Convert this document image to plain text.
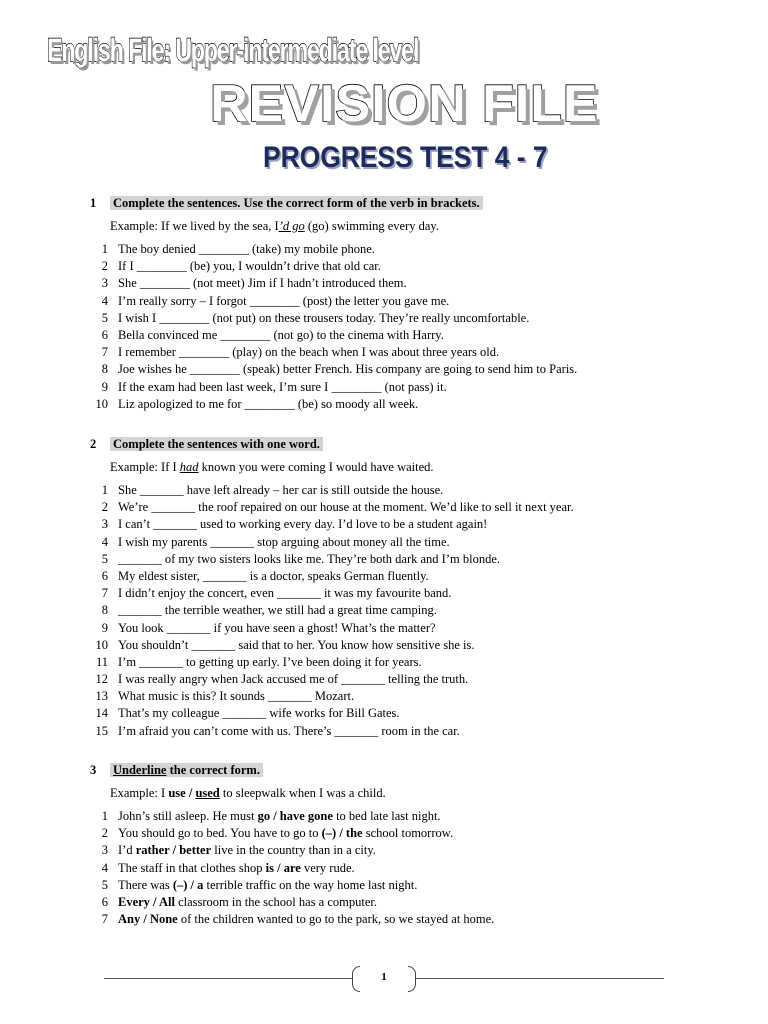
English File: Upper-intermediate level
REVISION FILE
PROGRESS TEST 4 - 7
1 Complete the sentences. Use the correct form of the verb in brackets.
Example: If we lived by the sea, I’d go (go) swimming every day.
1 The boy denied ________ (take) my mobile phone.
2 If I ________ (be) you, I wouldn’t drive that old car.
3 She ________ (not meet) Jim if I hadn’t introduced them.
4 I’m really sorry – I forgot ________ (post) the letter you gave me.
5 I wish I ________ (not put) on these trousers today. They’re really uncomfortable.
6 Bella convinced me ________ (not go) to the cinema with Harry.
7 I remember ________ (play) on the beach when I was about three years old.
8 Joe wishes he ________ (speak) better French. His company are going to send him to Paris.
9 If the exam had been last week, I’m sure I ________ (not pass) it.
10 Liz apologized to me for ________ (be) so moody all week.
2 Complete the sentences with one word.
Example: If I had known you were coming I would have waited.
1 She _______ have left already – her car is still outside the house.
2 We’re _______ the roof repaired on our house at the moment. We’d like to sell it next year.
3 I can’t _______ used to working every day. I’d love to be a student again!
4 I wish my parents _______ stop arguing about money all the time.
5 _______ of my two sisters looks like me. They’re both dark and I’m blonde.
6 My eldest sister, _______ is a doctor, speaks German fluently.
7 I didn’t enjoy the concert, even _______ it was my favourite band.
8 _______ the terrible weather, we still had a great time camping.
9 You look _______ if you have seen a ghost! What’s the matter?
10 You shouldn’t _______ said that to her. You know how sensitive she is.
11 I’m _______ to getting up early. I’ve been doing it for years.
12 I was really angry when Jack accused me of _______ telling the truth.
13 What music is this? It sounds _______ Mozart.
14 That’s my colleague _______ wife works for Bill Gates.
15 I’m afraid you can’t come with us. There’s _______ room in the car.
3 Underline the correct form.
Example: I use / used to sleepwalk when I was a child.
1 John’s still asleep. He must go / have gone to bed late last night.
2 You should go to bed. You have to go to (–) / the school tomorrow.
3 I’d rather / better live in the country than in a city.
4 The staff in that clothes shop is / are very rude.
5 There was (–) / a terrible traffic on the way home last night.
6 Every / All classroom in the school has a computer.
7 Any / None of the children wanted to go to the park, so we stayed at home.
1
